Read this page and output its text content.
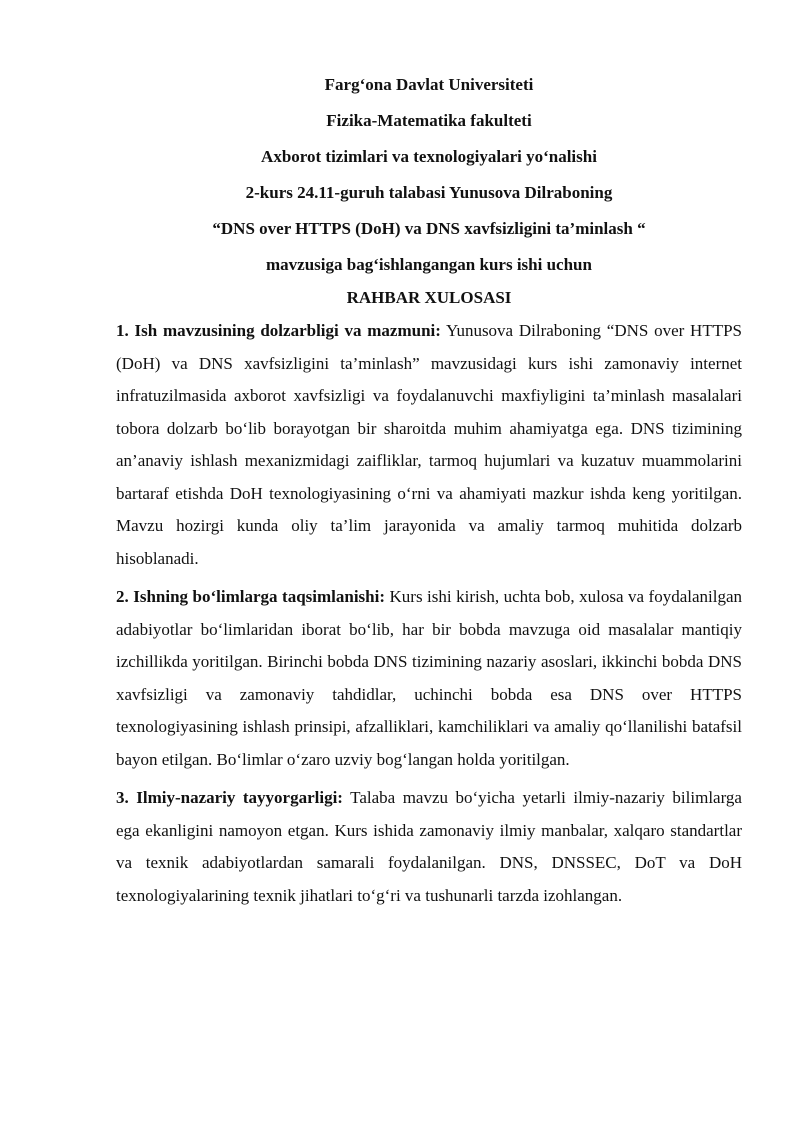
Farg‘ona Davlat Universiteti

Fizika-Matematika fakulteti

Axborot tizimlari va texnologiyalari yo‘nalishi

2-kurs 24.11-guruh talabasi Yunusova Dilraboning

“DNS over HTTPS (DoH) va DNS xavfsizligini ta’minlash “

mavzusiga bag‘ishlangangan kurs ishi uchun

RAHBAR XULOSASI

1. Ish mavzusining dolzarbligi va mazmuni: Yunusova Dilraboning “DNS over HTTPS (DoH) va DNS xavfsizligini ta’minlash” mavzusidagi kurs ishi zamonaviy internet infratuzilmasida axborot xavfsizligi va foydalanuvchi maxfiyligini ta’minlash masalalari tobora dolzarb bo‘lib borayotgan bir sharoitda muhim ahamiyatga ega. DNS tizimining an’anaviy ishlash mexanizmidagi zaifliklar, tarmoq hujumlari va kuzatuv muammolarini bartaraf etishda DoH texnologiyasining o‘rni va ahamiyati mazkur ishda keng yoritilgan. Mavzu hozirgi kunda oliy ta’lim jarayonida va amaliy tarmoq muhitida dolzarb hisoblanadi.

2. Ishning bo‘limlarga taqsimlanishi: Kurs ishi kirish, uchta bob, xulosa va foydalanilgan adabiyotlar bo‘limlaridan iborat bo‘lib, har bir bobda mavzuga oid masalalar mantiqiy izchillikda yoritilgan. Birinchi bobda DNS tizimining nazariy asoslari, ikkinchi bobda DNS xavfsizligi va zamonaviy tahdidlar, uchinchi bobda esa DNS over HTTPS texnologiyasining ishlash prinsipi, afzalliklari, kamchiliklari va amaliy qo‘llanilishi batafsil bayon etilgan. Bo‘limlar o‘zaro uzviy bog‘langan holda yoritilgan.

3. Ilmiy-nazariy tayyorgarligi: Talaba mavzu bo‘yicha yetarli ilmiy-nazariy bilimlarga ega ekanligini namoyon etgan. Kurs ishida zamonaviy ilmiy manbalar, xalqaro standartlar va texnik adabiyotlardan samarali foydalanilgan. DNS, DNSSEC, DoT va DoH texnologiyalarining texnik jihatlari to‘g‘ri va tushunarli tarzda izohlangan.
